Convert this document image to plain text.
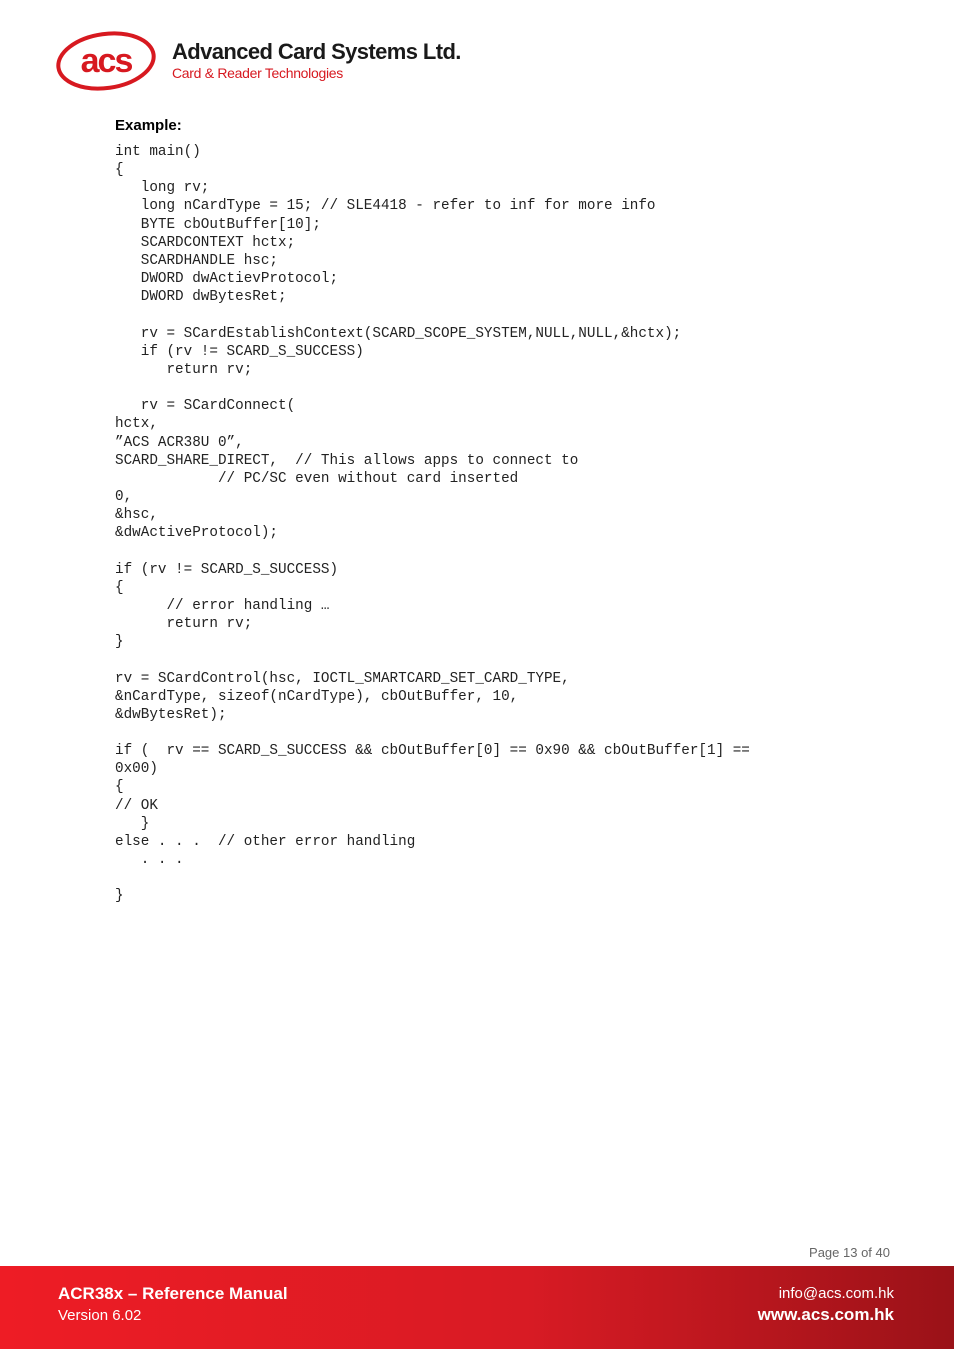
acs Advanced Card Systems Ltd.
Card & Reader Technologies
Example:
int main()
{
long rv;
long nCardType = 15; // SLE4418 - refer to inf for more info
BYTE cbOutBuffer[10];
SCARDCONTEXT hctx;
SCARDHANDLE hsc;
DWORD dwActievProtocol;
DWORD dwBytesRet;

rv = SCardEstablishContext(SCARD_SCOPE_SYSTEM,NULL,NULL,&hctx);
if (rv != SCARD_S_SUCCESS)
return rv;

rv = SCardConnect(
hctx,
”ACS ACR38U 0”,
SCARD_SHARE_DIRECT,  // This allows apps to connect to
// PC/SC even without card inserted
0,
&hsc,
&dwActiveProtocol);

if (rv != SCARD_S_SUCCESS)
{
// error handling …
return rv;
}

rv = SCardControl(hsc, IOCTL_SMARTCARD_SET_CARD_TYPE,
&nCardType, sizeof(nCardType), cbOutBuffer, 10,
&dwBytesRet);

if (  rv == SCARD_S_SUCCESS && cbOutBuffer[0] == 0x90 && cbOutBuffer[1] ==
0x00)
{
// OK
}
else . . .  // other error handling
. . .

}
Page 13 of 40
ACR38x – Reference Manual
Version 6.02
info@acs.com.hk
www.acs.com.hk
